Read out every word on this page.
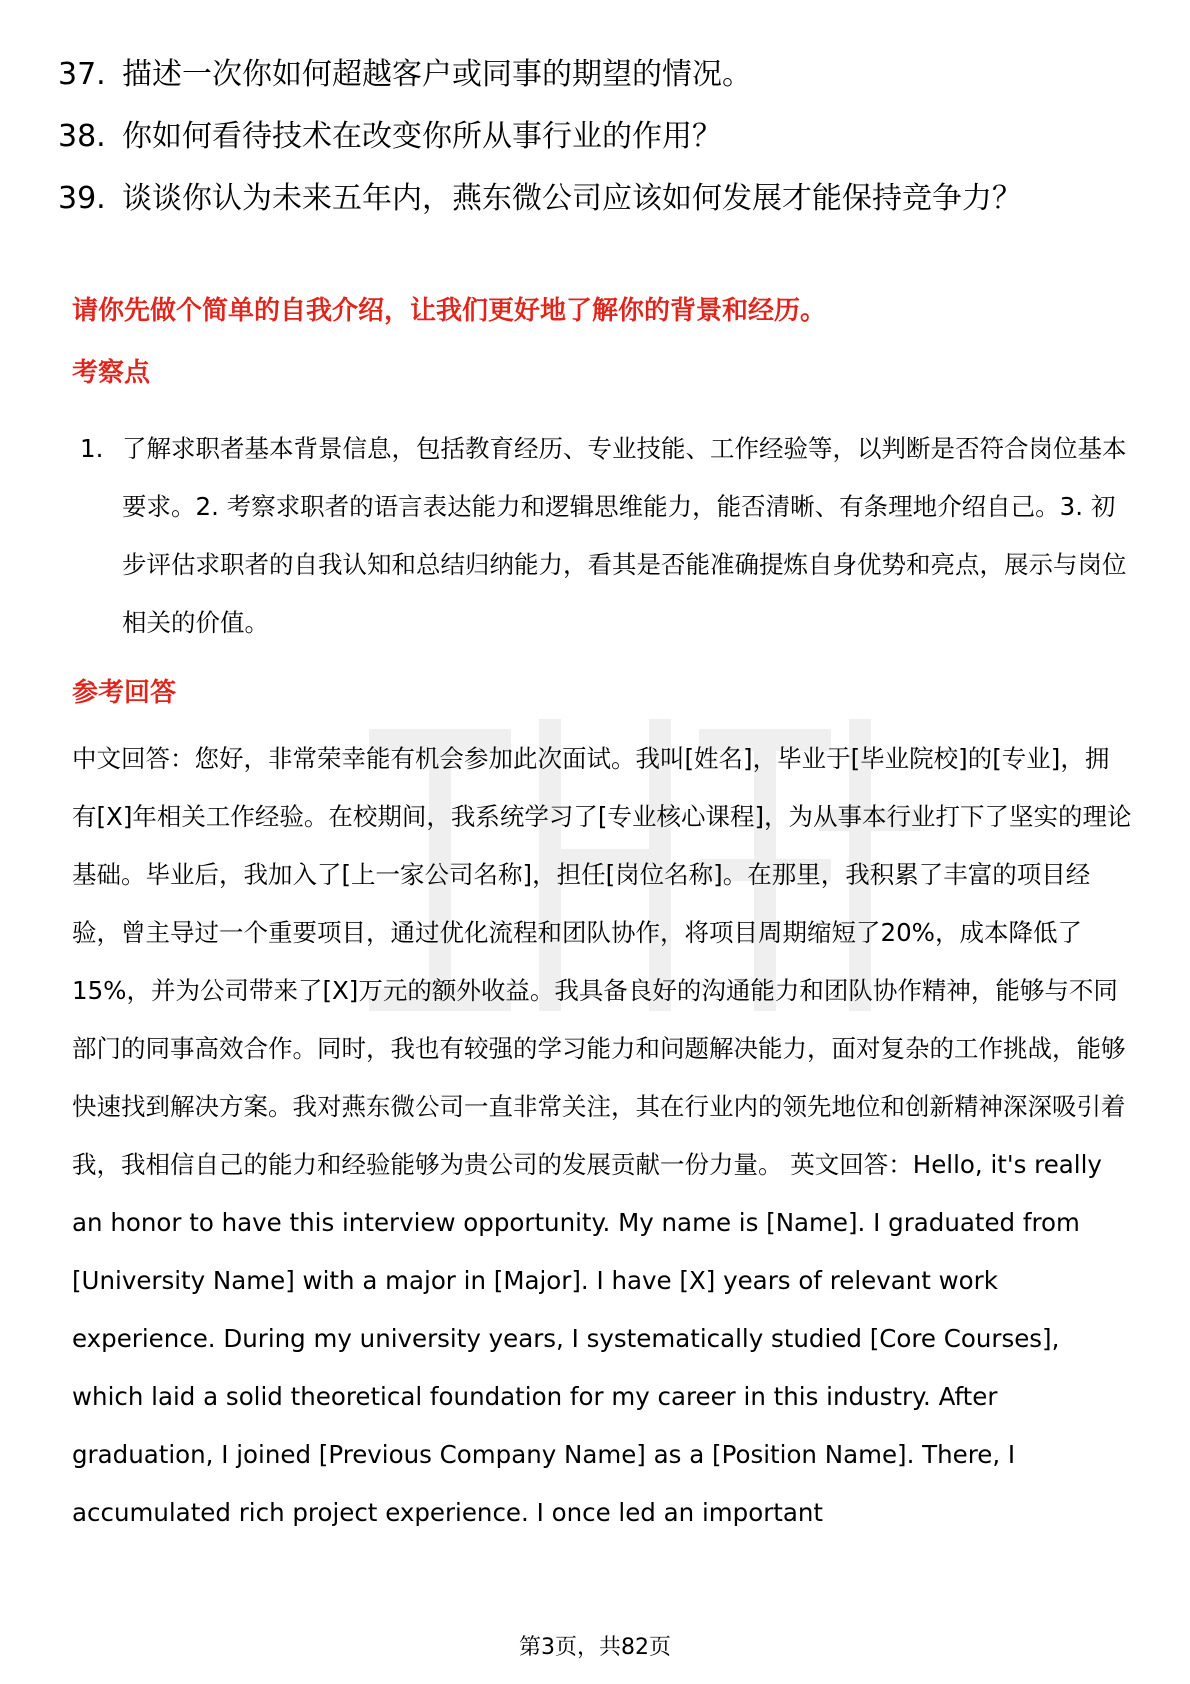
37. 描述一次你如何超越客户或同事的期望的情况。
38. 你如何看待技术在改变你所从事行业的作用？
39. 谈谈你认为未来五年内，燕东微公司应该如何发展才能保持竞争力？
请你先做个简单的自我介绍，让我们更好地了解你的背景和经历。
考察点
1. 了解求职者基本背景信息，包括教育经历、专业技能、工作经验等，以判断是否符合岗位基本要求。2. 考察求职者的语言表达能力和逻辑思维能力，能否清晰、有条理地介绍自己。3. 初步评估求职者的自我认知和总结归纳能力，看其是否能准确提炼自身优势和亮点，展示与岗位相关的价值。
参考回答

中文回答：您好，非常荣幸能有机会参加此次面试。我叫[姓名]，毕业于[毕业院校]的[专业]，拥有[X]年相关工作经验。在校期间，我系统学习了[专业核心课程]，为从事本行业打下了坚实的理论基础。毕业后，我加入了[上一家公司名称]，担任[岗位名称]。在那里，我积累了丰富的项目经验，曾主导过一个重要项目，通过优化流程和团队协作，将项目周期缩短了20%，成本降低了15%，并为公司带来了[X]万元的额外收益。我具备良好的沟通能力和团队协作精神，能够与不同部门的同事高效合作。同时，我也有较强的学习能力和问题解决能力，面对复杂的工作挑战，能够快速找到解决方案。我对燕东微公司一直非常关注，其在行业内的领先地位和创新精神深深吸引着我，我相信自己的能力和经验能够为贵公司的发展贡献一份力量。 英文回答：Hello, it's really an honor to have this interview opportunity. My name is [Name]. I graduated from [University Name] with a major in [Major]. I have [X] years of relevant work experience. During my university years, I systematically studied [Core Courses], which laid a solid theoretical foundation for my career in this industry. After graduation, I joined [Previous Company Name] as a [Position Name]. There, I accumulated rich project experience. I once led an important

第3页，共82页
